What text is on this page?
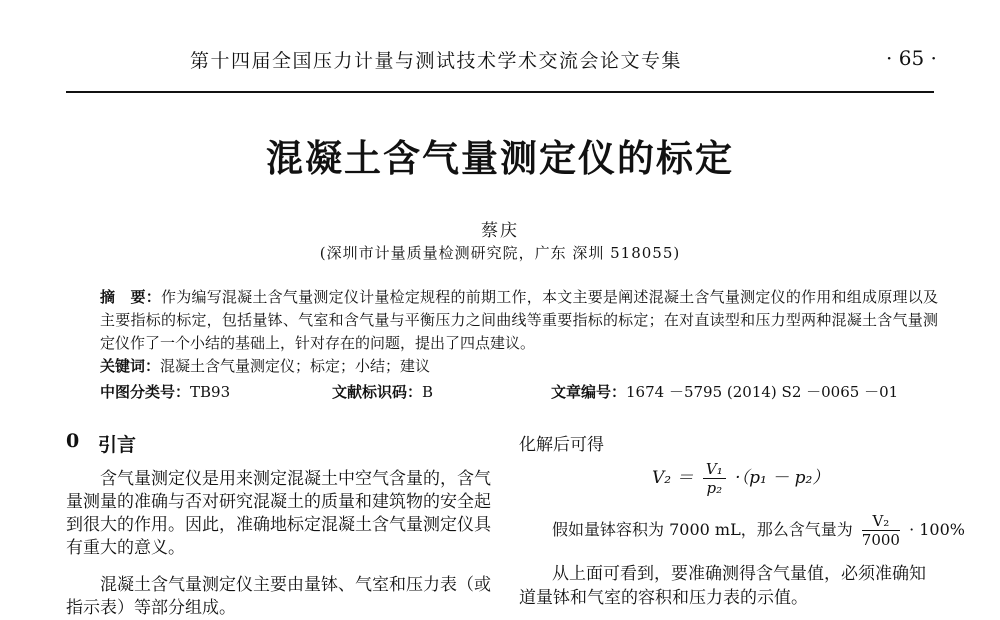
第十四届全国压力计量与测试技术学术交流会论文专集	· 65 ·
混凝土含气量测定仪的标定
蔡庆
(深圳市计量质量检测研究院，广东 深圳 518055)
摘　要：作为编写混凝土含气量测定仪计量检定规程的前期工作，本文主要是阐述混凝土含气量测定仪的作用和组成原理以及主要指标的标定，包括量钵、气室和含气量与平衡压力之间曲线等重要指标的标定；在对直读型和压力型两种混凝土含气量测定仪作了一个小结的基础上，针对存在的问题，提出了四点建议。
关键词：混凝土含气量测定仪；标定；小结；建议
中图分类号：TB93	文献标识码：B	文章编号：1674 －5795 (2014) S2 －0065 －01
0 引言
含气量测定仪是用来测定混凝土中空气含量的，含气量测量的准确与否对研究混凝土的质量和建筑物的安全起到很大的作用。因此，准确地标定混凝土含气量测定仪具有重大的意义。
混凝土含气量测定仪主要由量钵、气室和压力表（或指示表）等部分组成。
化解后可得
$V_2 = \frac{\text{V₁}}{\text{p₂}} \cdot(p_1 - p_2)$
假如量钵容积为 7000 mL，那么含气量为 $\frac{\text{V₂}}{7000} \cdot 100\%$
从上面可看到，要准确测得含气量值，必须准确知道量钵和气室的容积和压力表的示值。
